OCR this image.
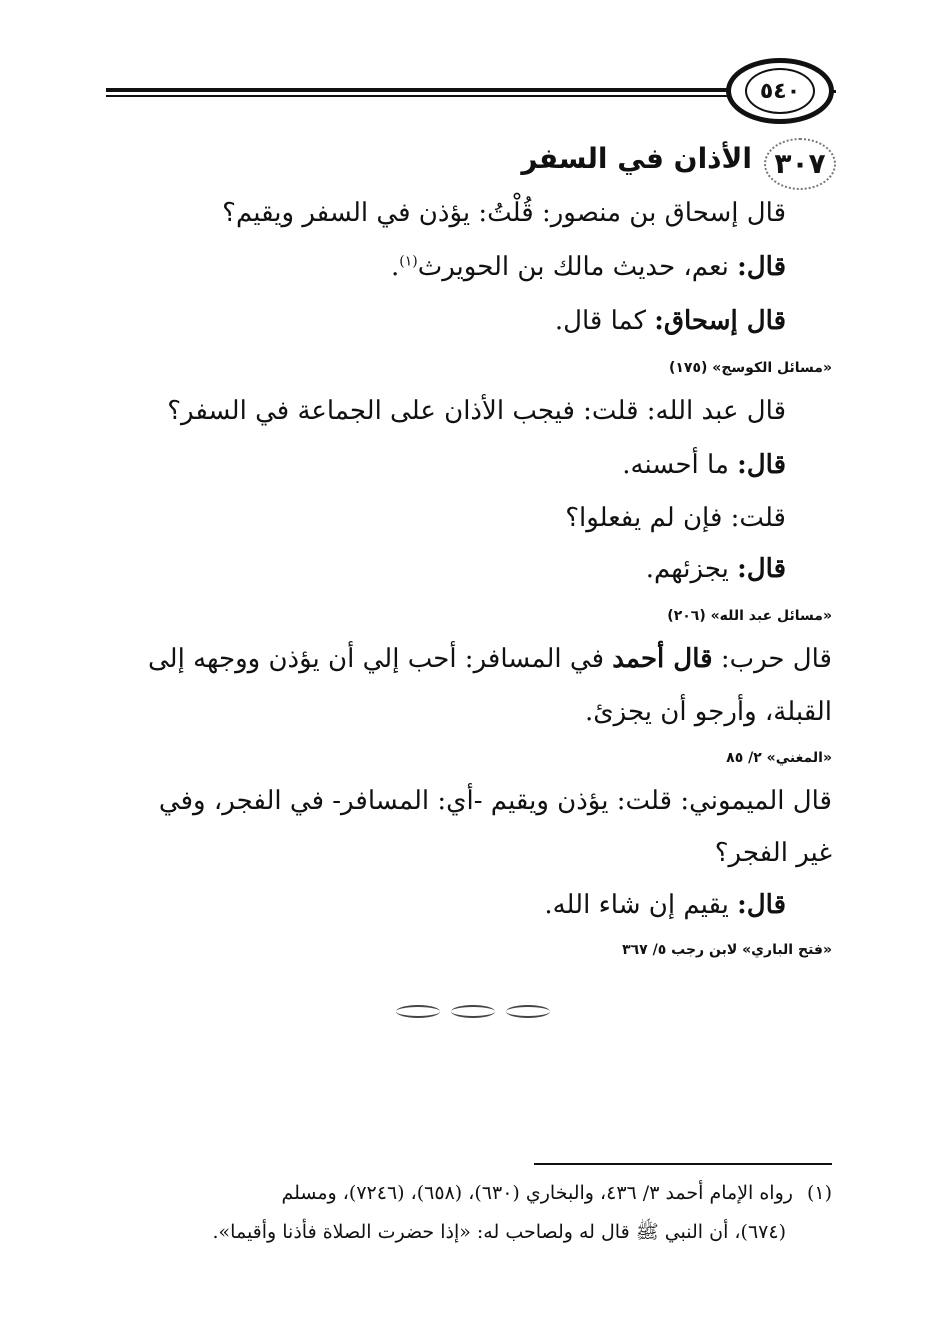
٥٤٠
٣٠٧
الأذان في السفر
قال إسحاق بن منصور: قُلْتُ: يؤذن في السفر ويقيم؟
قال: نعم، حديث مالك بن الحويرث$^{(١)}$.
قال إسحاق: كما قال.
«مسائل الكوسج» (١٧٥)
قال عبد الله: قلت: فيجب الأذان على الجماعة في السفر؟
قال: ما أحسنه.
قلت: فإن لم يفعلوا؟
قال: يجزئهم.
«مسائل عبد الله» (٢٠٦)
قال حرب: قال أحمد في المسافر: أحب إلي أن يؤذن ووجهه إلى
القبلة، وأرجو أن يجزئ.
«المغني» ٢/ ٨٥
قال الميموني: قلت: يؤذن ويقيم -أي: المسافر- في الفجر، وفي
غير الفجر؟
قال: يقيم إن شاء الله.
«فتح الباري» لابن رجب ٥/ ٣٦٧
(١)رواه الإمام أحمد ٣/ ٤٣٦، والبخاري (٦٣٠)، (٦٥٨)، (٧٢٤٦)، ومسلم
(٦٧٤)، أن النبي ﷺ قال له ولصاحب له: «إذا حضرت الصلاة فأذنا وأقيما».
